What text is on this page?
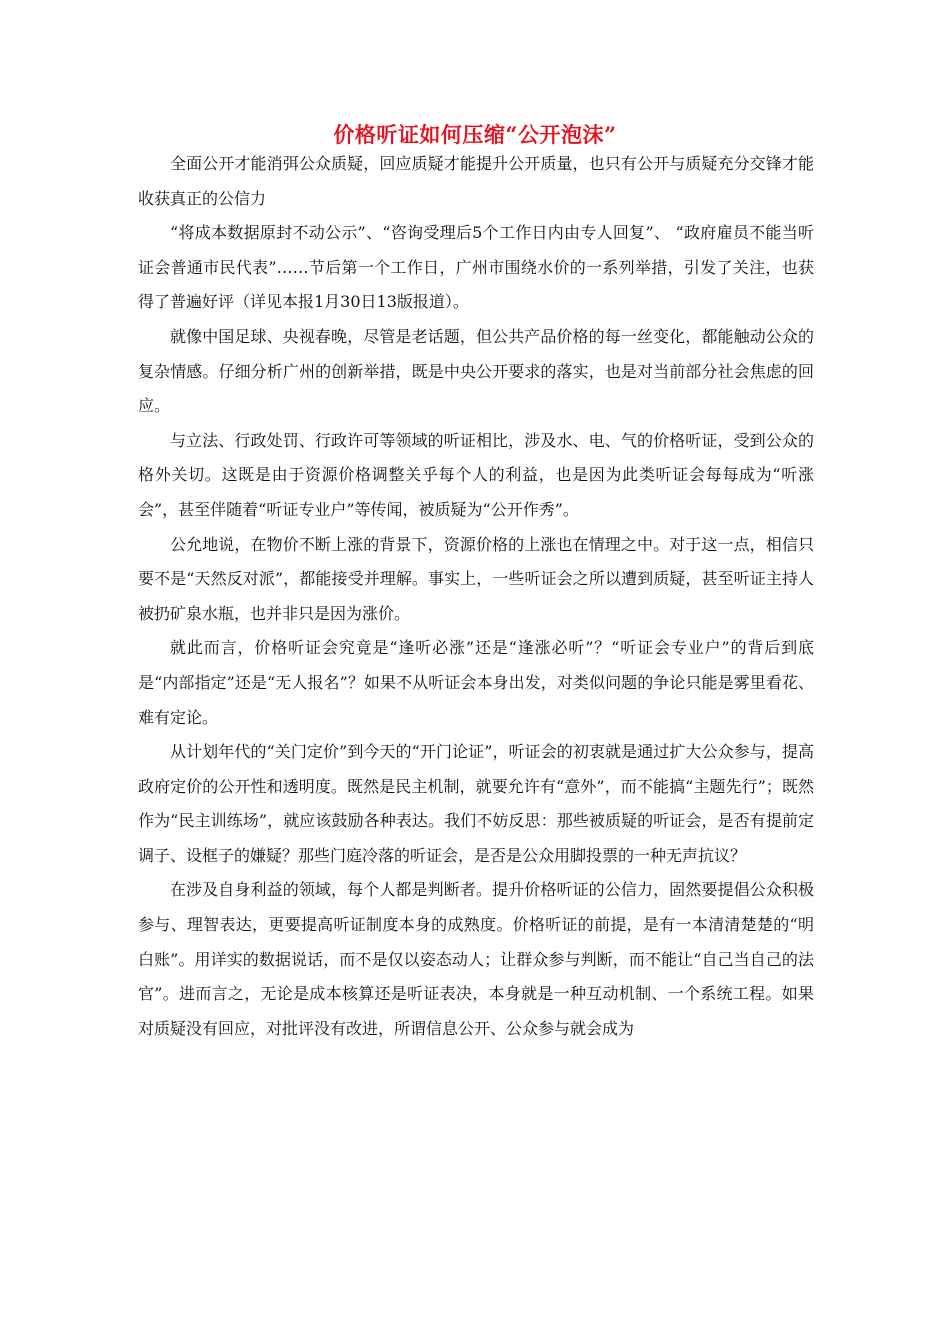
价格听证如何压缩“公开泡沫”

全面公开才能消弭公众质疑，回应质疑才能提升公开质量，也只有公开与质疑充分交锋才能收获真正的公信力

“将成本数据原封不动公示”、“咨询受理后5个工作日内由专人回复”、 “政府雇员不能当听证会普通市民代表”……节后第一个工作日，广州市围绕水价的一系列举措，引发了关注，也获得了普遍好评（详见本报1月30日13版报道）。

就像中国足球、央视春晚，尽管是老话题，但公共产品价格的每一丝变化，都能触动公众的复杂情感。仔细分析广州的创新举措，既是中央公开要求的落实，也是对当前部分社会焦虑的回应。

与立法、行政处罚、行政许可等领域的听证相比，涉及水、电、气的价格听证，受到公众的格外关切。这既是由于资源价格调整关乎每个人的利益，也是因为此类听证会每每成为“听涨会”，甚至伴随着“听证专业户”等传闻，被质疑为“公开作秀”。

公允地说，在物价不断上涨的背景下，资源价格的上涨也在情理之中。对于这一点，相信只要不是“天然反对派”，都能接受并理解。事实上，一些听证会之所以遭到质疑，甚至听证主持人被扔矿泉水瓶，也并非只是因为涨价。

就此而言，价格听证会究竟是“逢听必涨”还是“逢涨必听”？“听证会专业户”的背后到底是“内部指定”还是“无人报名”？如果不从听证会本身出发，对类似问题的争论只能是雾里看花、难有定论。

从计划年代的“关门定价”到今天的“开门论证”，听证会的初衷就是通过扩大公众参与，提高政府定价的公开性和透明度。既然是民主机制，就要允许有“意外”，而不能搞“主题先行”；既然作为“民主训练场”，就应该鼓励各种表达。我们不妨反思：那些被质疑的听证会，是否有提前定调子、设框子的嫌疑？那些门庭冷落的听证会，是否是公众用脚投票的一种无声抗议？

在涉及自身利益的领域，每个人都是判断者。提升价格听证的公信力，固然要提倡公众积极参与、理智表达，更要提高听证制度本身的成熟度。价格听证的前提，是有一本清清楚楚的“明白账”。用详实的数据说话，而不是仅以姿态动人；让群众参与判断，而不能让“自己当自己的法官”。进而言之，无论是成本核算还是听证表决，本身就是一种互动机制、一个系统工程。如果对质疑没有回应，对批评没有改进，所谓信息公开、公众参与就会成为
